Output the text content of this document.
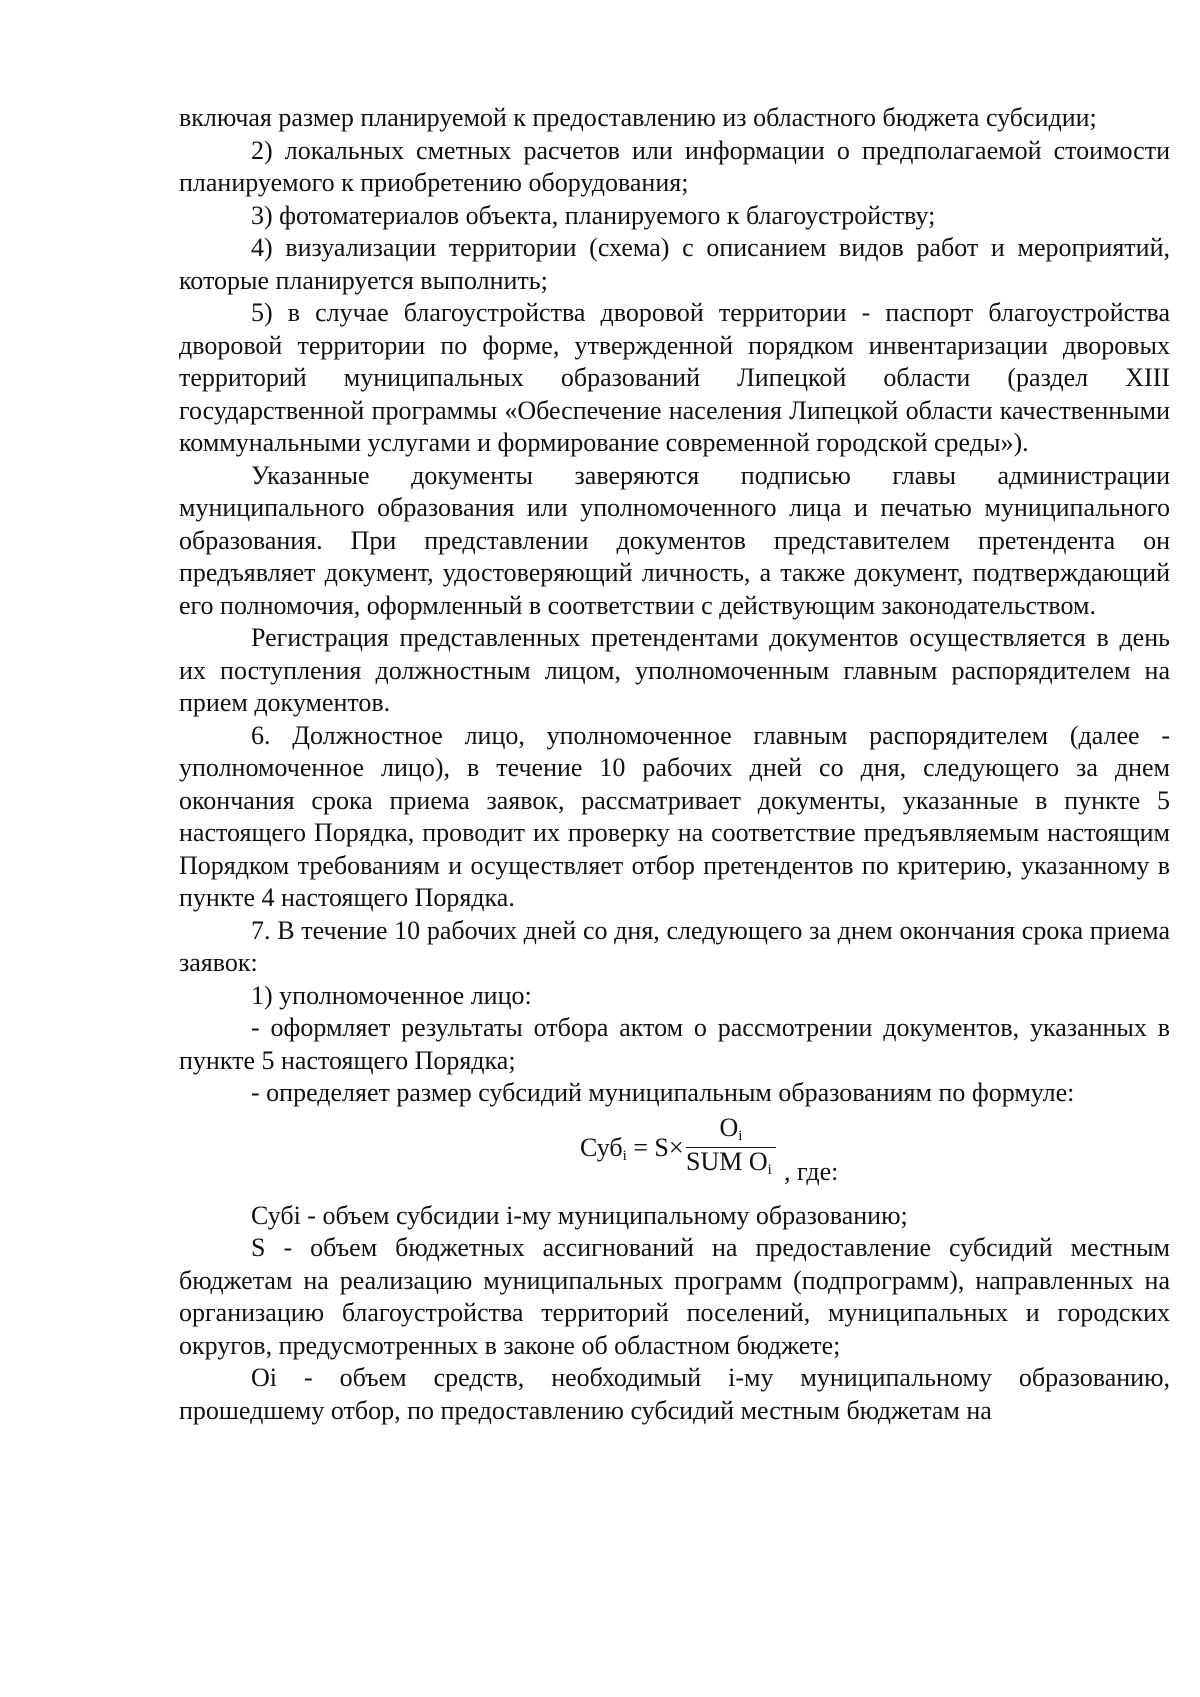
включая размер планируемой к предоставлению из областного бюджета субсидии;

2) локальных сметных расчетов или информации о предполагаемой стоимости планируемого к приобретению оборудования;

3) фотоматериалов объекта, планируемого к благоустройству;

4) визуализации территории (схема) с описанием видов работ и мероприятий, которые планируется выполнить;

5) в случае благоустройства дворовой территории - паспорт благоустройства дворовой территории по форме, утвержденной порядком инвентаризации дворовых территорий муниципальных образований Липецкой области (раздел XIII государственной программы «Обеспечение населения Липецкой области качественными коммунальными услугами и формирование современной городской среды»).

Указанные документы заверяются подписью главы администрации муниципального образования или уполномоченного лица и печатью муниципального образования. При представлении документов представителем претендента он предъявляет документ, удостоверяющий личность, а также документ, подтверждающий его полномочия, оформленный в соответствии с действующим законодательством.

Регистрация представленных претендентами документов осуществляется в день их поступления должностным лицом, уполномоченным главным распорядителем на прием документов.

6. Должностное лицо, уполномоченное главным распорядителем (далее - уполномоченное лицо), в течение 10 рабочих дней со дня, следующего за днем окончания срока приема заявок, рассматривает документы, указанные в пункте 5 настоящего Порядка, проводит их проверку на соответствие предъявляемым настоящим Порядком требованиям и осуществляет отбор претендентов по критерию, указанному в пункте 4 настоящего Порядка.

7. В течение 10 рабочих дней со дня, следующего за днем окончания срока приема заявок:

1) уполномоченное лицо:

- оформляет результаты отбора актом о рассмотрении документов, указанных в пункте 5 настоящего Порядка;

- определяет размер субсидий муниципальным образованиям по формуле:

Суб$_i$ = S×
$O_i$
SUM $O_i$ , где:

Субi - объем субсидии i-му муниципальному образованию;

S - объем бюджетных ассигнований на предоставление субсидий местным бюджетам на реализацию муниципальных программ (подпрограмм), направленных на организацию благоустройства территорий поселений, муниципальных и городских округов, предусмотренных в законе об областном бюджете;

Oi - объем средств, необходимый i-му муниципальному образованию, прошедшему отбор, по предоставлению субсидий местным бюджетам на
